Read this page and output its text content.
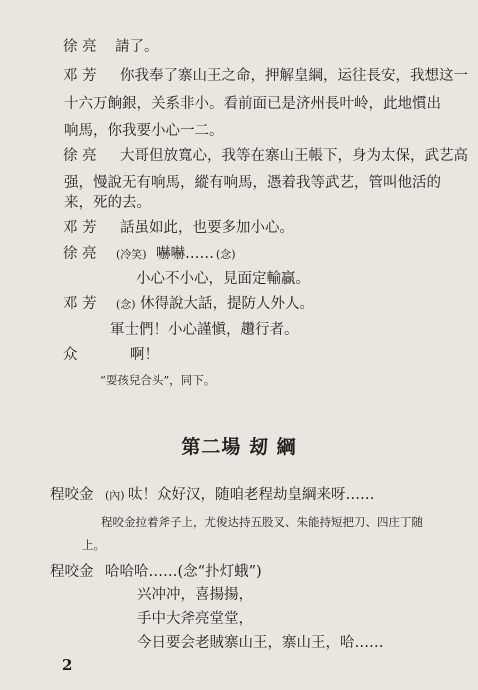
徐 亮 請了。
邓 芳 你我奉了寨山王之命，押解皇綱，运往長安，我想这一
十六万餉銀，关系非小。看前面已是济州長叶岭，此地慣出
响馬，你我要小心一二。
徐 亮 大哥但放寬心，我等在寨山王帳下，身为太保，武艺高
强，慢說无有响馬，縱有响馬，憑着我等武艺，管叫他活的
来，死的去。
邓 芳 話虽如此，也要多加小心。
徐 亮 (冷笑) 嚇嚇…… (念)
小心不小心，見面定輸贏。
邓 芳 (念) 休得說大話，提防人外人。
軍士們！小心謹愼，趲行者。
众	啊！
“耍孩兒合头”，同下。
第二場 刼 綱
程咬金 (內) 呔！众好汉，随咱老程劫皇綱来呀……
程咬金拉着斧子上，尤俊达持五股叉、朱能持短把刀、四庄丁随
上。
程咬金 哈哈哈……(念“扑灯蛾”)
兴冲冲，喜揚揚，
手中大斧亮堂堂，
今日要会老賊寨山王，寨山王，哈……
2
